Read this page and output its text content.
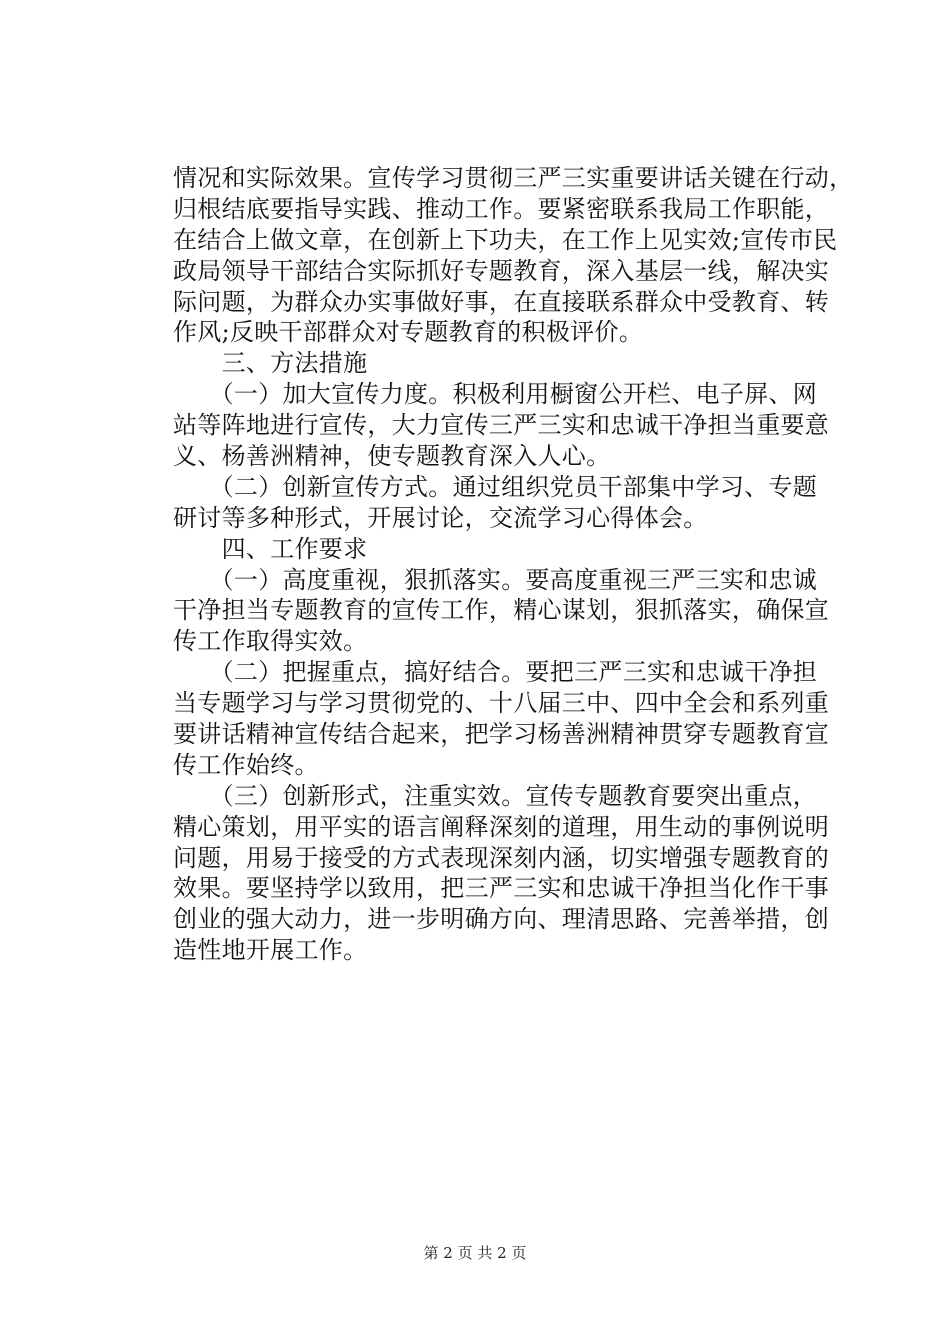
情况和实际效果。宣传学习贯彻三严三实重要讲话关键在行动，
归根结底要指导实践、推动工作。要紧密联系我局工作职能，
在结合上做文章，在创新上下功夫，在工作上见实效;宣传市民
政局领导干部结合实际抓好专题教育，深入基层一线，解决实
际问题，为群众办实事做好事，在直接联系群众中受教育、转
作风;反映干部群众对专题教育的积极评价。
　　三、方法措施
　　（一）加大宣传力度。积极利用橱窗公开栏、电子屏、网
站等阵地进行宣传，大力宣传三严三实和忠诚干净担当重要意
义、杨善洲精神，使专题教育深入人心。
　　（二）创新宣传方式。通过组织党员干部集中学习、专题
研讨等多种形式，开展讨论，交流学习心得体会。
　　四、工作要求
　　（一）高度重视，狠抓落实。要高度重视三严三实和忠诚
干净担当专题教育的宣传工作，精心谋划，狠抓落实，确保宣
传工作取得实效。
　　（二）把握重点，搞好结合。要把三严三实和忠诚干净担
当专题学习与学习贯彻党的、十八届三中、四中全会和系列重
要讲话精神宣传结合起来，把学习杨善洲精神贯穿专题教育宣
传工作始终。
　　（三）创新形式，注重实效。宣传专题教育要突出重点，
精心策划，用平实的语言阐释深刻的道理，用生动的事例说明
问题，用易于接受的方式表现深刻内涵，切实增强专题教育的
效果。要坚持学以致用，把三严三实和忠诚干净担当化作干事
创业的强大动力，进一步明确方向、理清思路、完善举措，创
造性地开展工作。
第 2 页 共 2 页
